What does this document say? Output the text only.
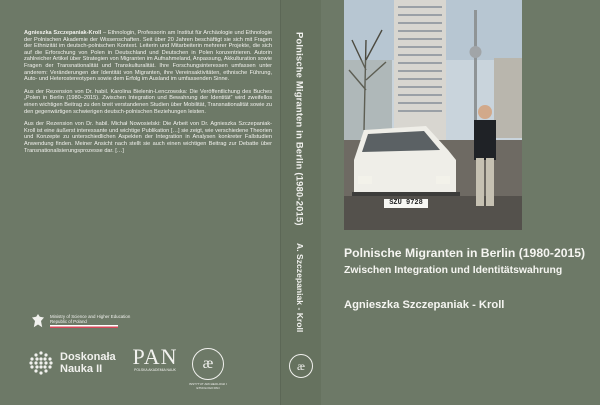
Agnieszka Szczepaniak-Kroll – Ethnologin, Professorin am Institut für Archäologie und Ethnologie der Polnischen Akademie der Wissenschaften. Seit über 20 Jahren beschäftigt sie sich mit Fragen der Ethnizität im deutsch-polnischen Kontext. Leiterin und Mitarbeiterin mehrerer Projekte, die sich auf die Erforschung von Polen in Deutschland und Deutschen in Polen konzentrieren. Autorin zahlreicher Artikel über Strategien von Migranten im Aufnahmeland, Anpassung, Akkulturation sowie Fragen der Transnationalität und Transkulturalität. Ihre Forschungsinteressen umfassen unter anderem: Veränderungen der Identität von Migranten, ihre Vereinsaktivitäten, ethnische Führung, Auto- und Heterostereotypen sowie dem Erfolg im Ausland im umfassenden Sinne.

Aus der Rezension von Dr. habil. Karolina Bielenin-Lenczowska: Die Veröffentlichung des Buches „Polen in Berlin (1980–2015). Zwischen Integration und Bewahrung der Identität“ wird zweifellos einen wichtigen Beitrag zu den breit verstandenen Studien über Mobilität, Transnationalität sowie zu den gegenwärtigen schwierigen deutsch-polnischen Beziehungen leisten.

Aus der Rezension von Dr. habil. Michał Nowosielski: Die Arbeit von Dr. Agnieszka Szczepaniak-Kroll ist eine äußerst interessante und wichtige Publikation […] sie zeigt, wie verschiedene Theorien und Konzepte zu unterschiedlichen Aspekten der Integration in Analysen konkreter Fallstudien Anwendung finden. Meiner Ansicht nach stellt sie auch einen wichtigen Beitrag zur Debatte über Transnationalisierungsprozesse dar. […]

Ministry of Science and Higher Education
Republic of Poland
Doskonała
Nauka II	PAN
POLSKA AKADEMIA NAUK	æ
INSTYTUT ARCHEOLOGII I ETNOLOGII PAN
Polnische Migranten in Berlin (1980-2015)
A. Szczepaniak - Kroll
æ
SZU 9728
Polnische Migranten in Berlin (1980-2015)
Zwischen Integration und Identitätswahrung
Agnieszka Szczepaniak - Kroll
